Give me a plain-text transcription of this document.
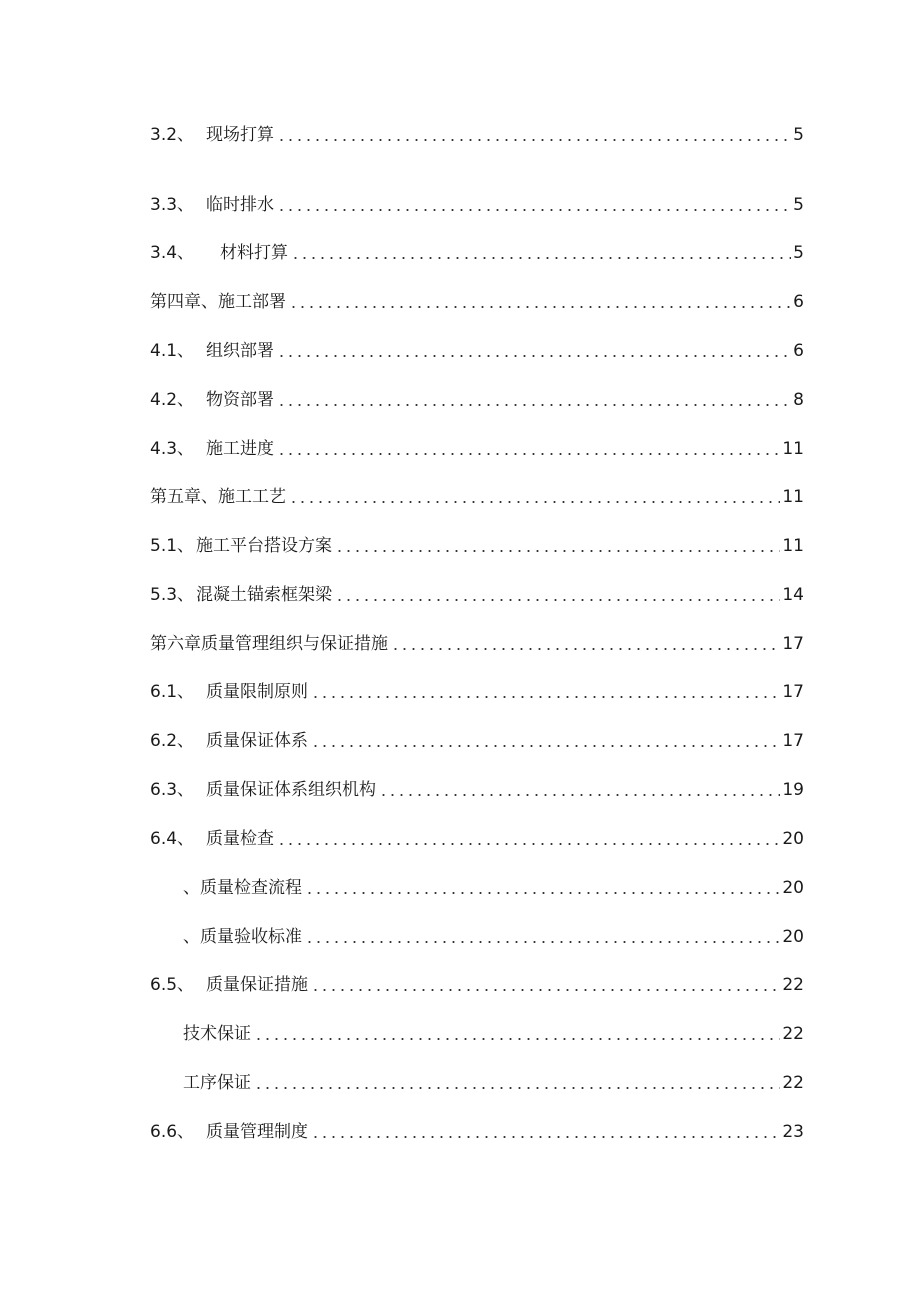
3.2、 现场打算	5
3.3、 临时排水	5
3.4、 材料打算	5
第四章、施工部署	6
4.1、 组织部署	6
4.2、 物资部署	8
4.3、 施工进度	11
第五章、施工工艺	11
5.1、 施工平台搭设方案	11
5.3、 混凝土锚索框架梁	14
第六章质量管理组织与保证措施	17
6.1、 质量限制原则	17
6.2、 质量保证体系	17
6.3、 质量保证体系组织机构	19
6.4、 质量检查	20
、质量检查流程	20
、质量验收标准	20
6.5、 质量保证措施	22
技术保证	22
工序保证	22
6.6、 质量管理制度	23
